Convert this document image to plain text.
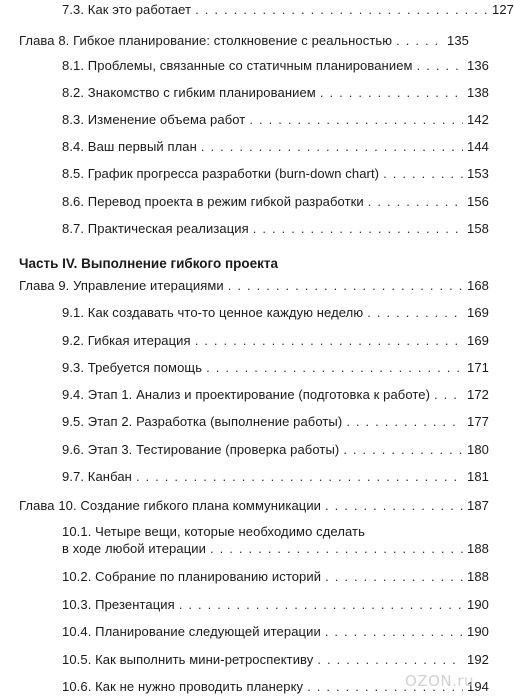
7.3. Как это работает . . .	127
Глава 8. Гибкое планирование: столкновение с реальностью . . .	135
8.1. Проблемы, связанные со статичным планированием . . .	136
8.2. Знакомство с гибким планированием . . .	138
8.3. Изменение объема работ . . .	142
8.4. Ваш первый план . . .	144
8.5. График прогресса разработки (burn-down chart) . . .	153
8.6. Перевод проекта в режим гибкой разработки . . .	156
8.7. Практическая реализация . . .	158
Часть IV. Выполнение гибкого проекта
Глава 9. Управление итерациями . . .	168
9.1. Как создавать что-то ценное каждую неделю . . .	169
9.2. Гибкая итерация . . .	169
9.3. Требуется помощь . . .	171
9.4. Этап 1. Анализ и проектирование (подготовка к работе) . . .	172
9.5. Этап 2. Разработка (выполнение работы) . . .	177
9.6. Этап 3. Тестирование (проверка работы) . . .	180
9.7. Канбан . . .	181
Глава 10. Создание гибкого плана коммуникации . . .	187
10.1. Четыре вещи, которые необходимо сделать
в ходе любой итерации . . .	188
10.2. Собрание по планированию историй . . .	188
10.3. Презентация . . .	190
10.4. Планирование следующей итерации . . .	190
10.5. Как выполнить мини-ретроспективу . . .	192
10.6. Как не нужно проводить планерку . . .	194
OZON.ru
